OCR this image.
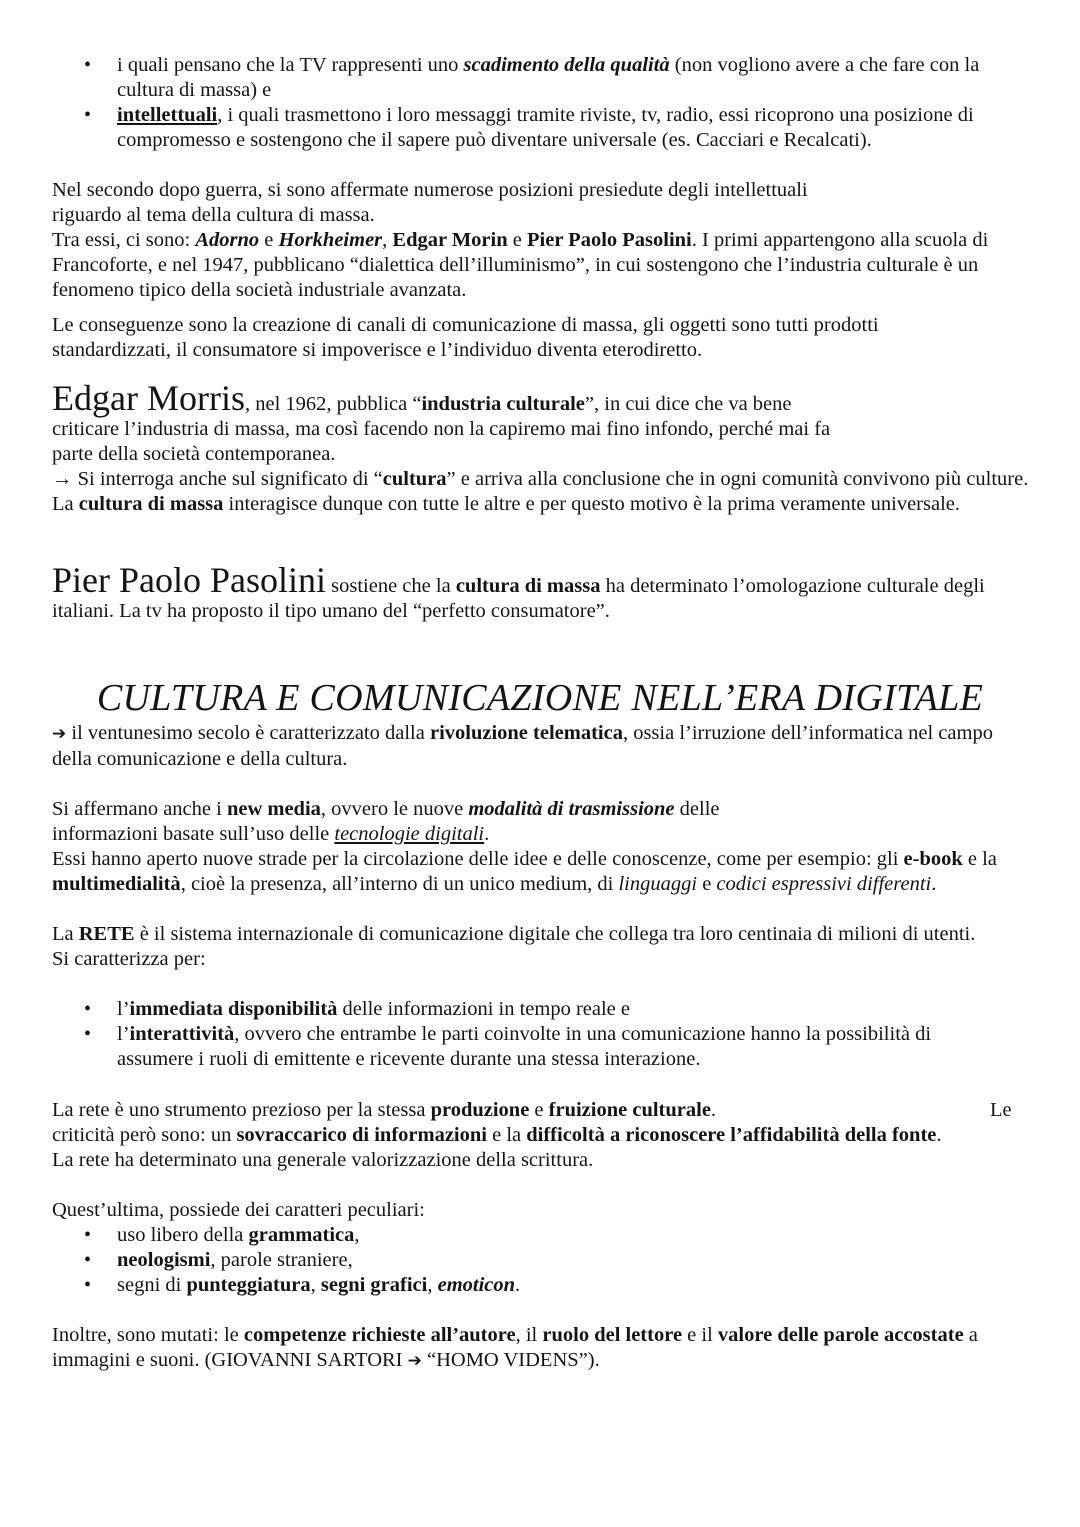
• i quali pensano che la TV rappresenti uno scadimento della qualità (non vogliono avere a che fare con la cultura di massa) e
• intellettuali, i quali trasmettono i loro messaggi tramite riviste, tv, radio, essi ricoprono una posizione di compromesso e sostengono che il sapere può diventare universale (es. Cacciari e Recalcati).

Nel secondo dopo guerra, si sono affermate numerose posizioni presiedute degli intellettuali

riguardo al tema della cultura di massa.

Tra essi, ci sono: Adorno e Horkheimer, Edgar Morin e Pier Paolo Pasolini. I primi appartengono alla scuola di Francoforte, e nel 1947, pubblicano “dialettica dell’illuminismo”, in cui sostengono che l’industria culturale è un fenomeno tipico della società industriale avanzata.

Le conseguenze sono la creazione di canali di comunicazione di massa, gli oggetti sono tutti prodotti standardizzati, il consumatore si impoverisce e l’individuo diventa eterodiretto.

Edgar Morris, nel 1962, pubblica “industria culturale”, in cui dice che va bene

criticare l’industria di massa, ma così facendo non la capiremo mai fino infondo, perché mai fa

parte della società contemporanea.

→ Si interroga anche sul significato di “cultura” e arriva alla conclusione che in ogni comunità convivono più culture. La cultura di massa interagisce dunque con tutte le altre e per questo motivo è la prima veramente universale.

Pier Paolo Pasolini sostiene che la cultura di massa ha determinato l’omologazione culturale degli italiani. La tv ha proposto il tipo umano del “perfetto consumatore”.

CULTURA E COMUNICAZIONE NELL’ERA DIGITALE

➔ il ventunesimo secolo è caratterizzato dalla rivoluzione telematica, ossia l’irruzione dell’informatica nel campo della comunicazione e della cultura.

Si affermano anche i new media, ovvero le nuove modalità di trasmissione delle

informazioni basate sull’uso delle tecnologie digitali.

Essi hanno aperto nuove strade per la circolazione delle idee e delle conoscenze, come per esempio: gli e-book e la multimedialità, cioè la presenza, all’interno di un unico medium, di linguaggi e codici espressivi differenti.

La RETE è il sistema internazionale di comunicazione digitale che collega tra loro centinaia di milioni di utenti.

Si caratterizza per:

• l’immediata disponibilità delle informazioni in tempo reale e
• l’interattività, ovvero che entrambe le parti coinvolte in una comunicazione hanno la possibilità di assumere i ruoli di emittente e ricevente durante una stessa interazione.

La rete è uno strumento prezioso per la stessa produzione e fruizione culturale.	Le

criticità però sono: un sovraccarico di informazioni e la difficoltà a riconoscere l’affidabilità della fonte.

La rete ha determinato una generale valorizzazione della scrittura.

Quest’ultima, possiede dei caratteri peculiari:

• uso libero della grammatica,
• neologismi, parole straniere,
• segni di punteggiatura, segni grafici, emoticon.

Inoltre, sono mutati: le competenze richieste all’autore, il ruolo del lettore e il valore delle parole accostate a immagini e suoni. (GIOVANNI SARTORI ➔ “HOMO VIDENS”).
